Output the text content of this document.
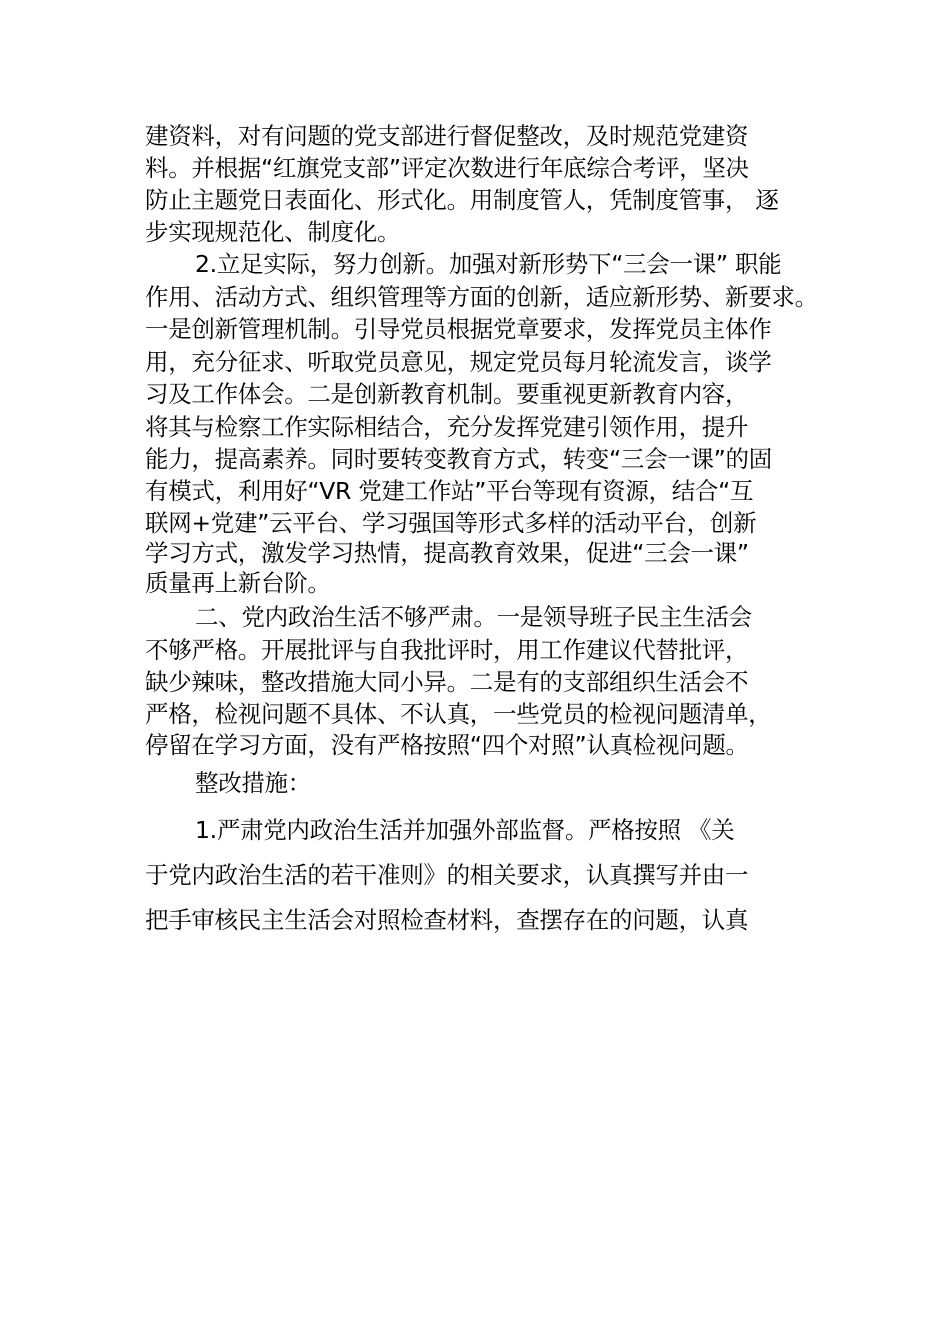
建资料，对有问题的党支部进行督促整改，及时规范党建资
料。并根据“红旗党支部”评定次数进行年底综合考评，坚决
防止主题党日表面化、形式化。用制度管人，凭制度管事， 逐
步实现规范化、制度化。
2.立足实际，努力创新。加强对新形势下“三会一课” 职能
作用、活动方式、组织管理等方面的创新，适应新形势、新要求。
一是创新管理机制。引导党员根据党章要求，发挥党员主体作
用，充分征求、听取党员意见，规定党员每月轮流发言，谈学
习及工作体会。二是创新教育机制。要重视更新教育内容，
将其与检察工作实际相结合，充分发挥党建引领作用，提升
能力，提高素养。同时要转变教育方式，转变“三会一课”的固
有模式，利用好“VR 党建工作站”平台等现有资源，结合“互
联网+党建”云平台、学习强国等形式多样的活动平台，创新
学习方式，激发学习热情，提高教育效果，促进“三会一课”
质量再上新台阶。
二、党内政治生活不够严肃。一是领导班子民主生活会
不够严格。开展批评与自我批评时，用工作建议代替批评，
缺少辣味，整改措施大同小异。二是有的支部组织生活会不
严格，检视问题不具体、不认真，一些党员的检视问题清单，
停留在学习方面，没有严格按照“四个对照”认真检视问题。
整改措施：
1.严肃党内政治生活并加强外部监督。严格按照 《关
于党内政治生活的若干准则》的相关要求，认真撰写并由一
把手审核民主生活会对照检查材料，查摆存在的问题，认真
